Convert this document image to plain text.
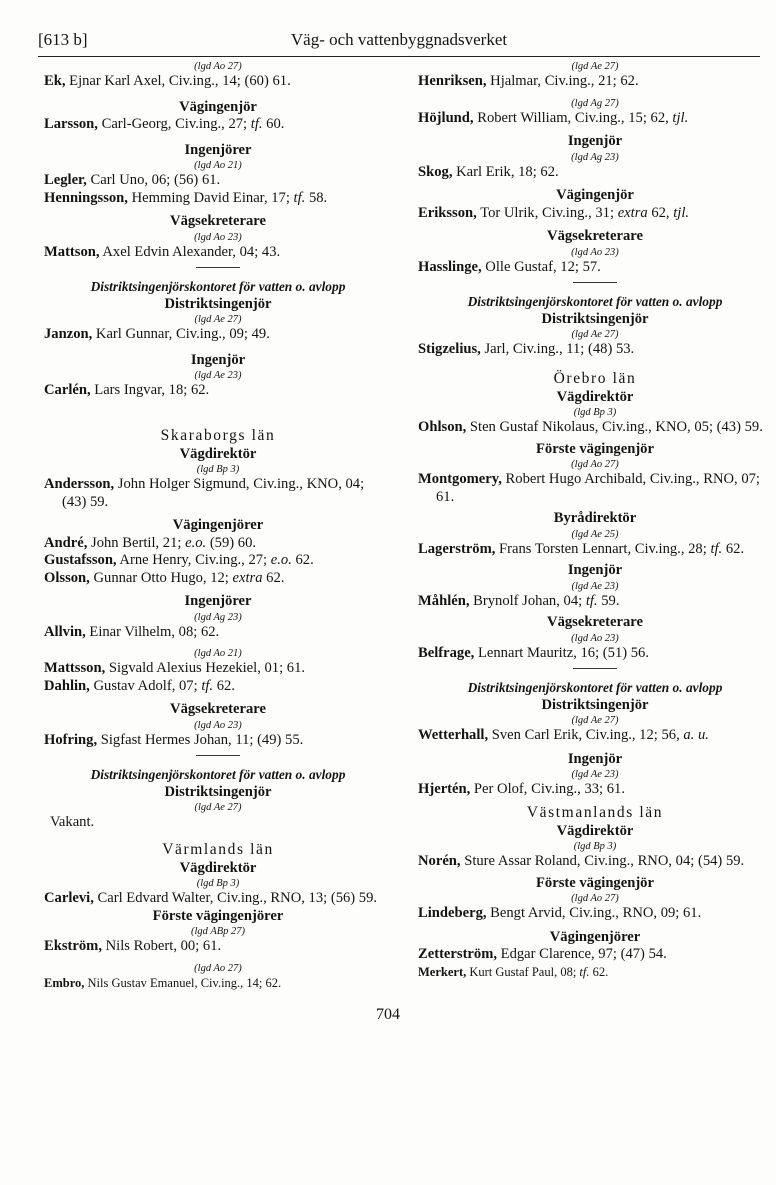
[613 b]	Väg- och vattenbyggnadsverket
(lgd Ao 27)
Ek, Ejnar Karl Axel, Civ.ing., 14; (60) 61.
Vägingenjör
Larsson, Carl-Georg, Civ.ing., 27; tf. 60.
Ingenjörer
(lgd Ao 21)
Legler, Carl Uno, 06; (56) 61.
Henningsson, Hemming David Einar, 17; tf. 58.
Vägsekreterare
(lgd Ao 23)
Mattson, Axel Edvin Alexander, 04; 43.
Distriktsingenjörskontoret för vatten o. avlopp
Distriktsingenjör
(lgd Ae 27)
Janzon, Karl Gunnar, Civ.ing., 09; 49.
Ingenjör
(lgd Ae 23)
Carlén, Lars Ingvar, 18; 62.
Skaraborgs län
Vägdirektör
(lgd Bp 3)
Andersson, John Holger Sigmund, Civ.ing., KNO, 04; (43) 59.
Vägingenjörer
André, John Bertil, 21; e.o. (59) 60.
Gustafsson, Arne Henry, Civ.ing., 27; e.o. 62.
Olsson, Gunnar Otto Hugo, 12; extra 62.
Ingenjörer
(lgd Ag 23)
Allvin, Einar Vilhelm, 08; 62.
(lgd Ao 21)
Mattsson, Sigvald Alexius Hezekiel, 01; 61.
Dahlin, Gustav Adolf, 07; tf. 62.
Vägsekreterare
(lgd Ao 23)
Hofring, Sigfast Hermes Johan, 11; (49) 55.
Distriktsingenjörskontoret för vatten o. avlopp
Distriktsingenjör
(lgd Ae 27)
Vakant.
Värmlands län
Vägdirektör
(lgd Bp 3)
Carlevi, Carl Edvard Walter, Civ.ing., RNO, 13; (56) 59.
Förste vägingenjörer
(lgd ABp 27)
Ekström, Nils Robert, 00; 61.
(lgd Ao 27)
Embro, Nils Gustav Emanuel, Civ.ing., 14; 62.
(lgd Ae 27)
Henriksen, Hjalmar, Civ.ing., 21; 62.
(lgd Ag 27)
Höjlund, Robert William, Civ.ing., 15; 62, tjl.
Ingenjör
(lgd Ag 23)
Skog, Karl Erik, 18; 62.
Vägingenjör
Eriksson, Tor Ulrik, Civ.ing., 31; extra 62, tjl.
Vägsekreterare
(lgd Ao 23)
Hasslinge, Olle Gustaf, 12; 57.
Distriktsingenjörskontoret för vatten o. avlopp
Distriktsingenjör
(lgd Ae 27)
Stigzelius, Jarl, Civ.ing., 11; (48) 53.
Örebro län
Vägdirektör
(lgd Bp 3)
Ohlson, Sten Gustaf Nikolaus, Civ.ing., KNO, 05; (43) 59.
Förste vägingenjör
(lgd Ao 27)
Montgomery, Robert Hugo Archibald, Civ.ing., RNO, 07; 61.
Byrådirektör
(lgd Ae 25)
Lagerström, Frans Torsten Lennart, Civ.ing., 28; tf. 62.
Ingenjör
(lgd Ae 23)
Måhlén, Brynolf Johan, 04; tf. 59.
Vägsekreterare
(lgd Ao 23)
Belfrage, Lennart Mauritz, 16; (51) 56.
Distriktsingenjörskontoret för vatten o. avlopp
Distriktsingenjör
(lgd Ae 27)
Wetterhall, Sven Carl Erik, Civ.ing., 12; 56, a. u.
Ingenjör
(lgd Ae 23)
Hjertén, Per Olof, Civ.ing., 33; 61.
Västmanlands län
Vägdirektör
(lgd Bp 3)
Norén, Sture Assar Roland, Civ.ing., RNO, 04; (54) 59.
Förste vägingenjör
(lgd Ao 27)
Lindeberg, Bengt Arvid, Civ.ing., RNO, 09; 61.
Vägingenjörer
Zetterström, Edgar Clarence, 97; (47) 54.
Merkert, Kurt Gustaf Paul, 08; tf. 62.
704
